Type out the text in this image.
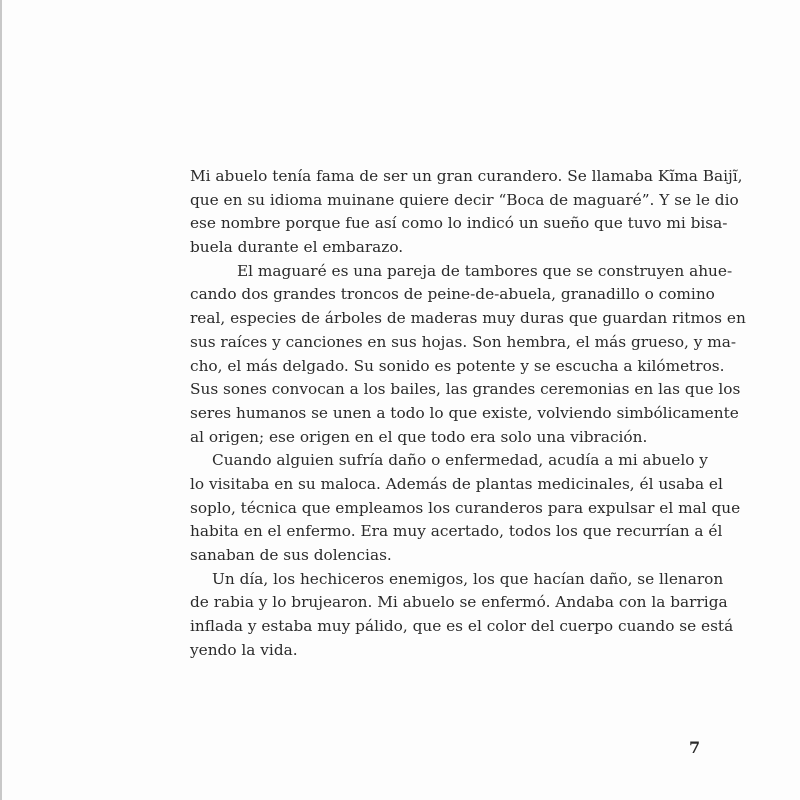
Mi abuelo tenía fama de ser un gran curandero. Se llamaba Kĩma Baijĩ,
que en su idioma muinane quiere decir “Boca de maguaré”. Y se le dio
ese nombre porque fue así como lo indicó un sueño que tuvo mi bisa-
buela durante el embarazo.
El maguaré es una pareja de tambores que se construyen ahue-
cando dos grandes troncos de peine-de-abuela, granadillo o comino
real, especies de árboles de maderas muy duras que guardan ritmos en
sus raíces y canciones en sus hojas. Son hembra, el más grueso, y ma-
cho, el más delgado. Su sonido es potente y se escucha a kilómetros.
Sus sones convocan a los bailes, las grandes ceremonias en las que los
seres humanos se unen a todo lo que existe, volviendo simbólicamente
al origen; ese origen en el que todo era solo una vibración.
Cuando alguien sufría daño o enfermedad, acudía a mi abuelo y
lo visitaba en su maloca. Además de plantas medicinales, él usaba el
soplo, técnica que empleamos los curanderos para expulsar el mal que
habita en el enfermo. Era muy acertado, todos los que recurrían a él
sanaban de sus dolencias.
Un día, los hechiceros enemigos, los que hacían daño, se llenaron
de rabia y lo brujearon. Mi abuelo se enfermó. Andaba con la barriga
inflada y estaba muy pálido, que es el color del cuerpo cuando se está
yendo la vida.
7
